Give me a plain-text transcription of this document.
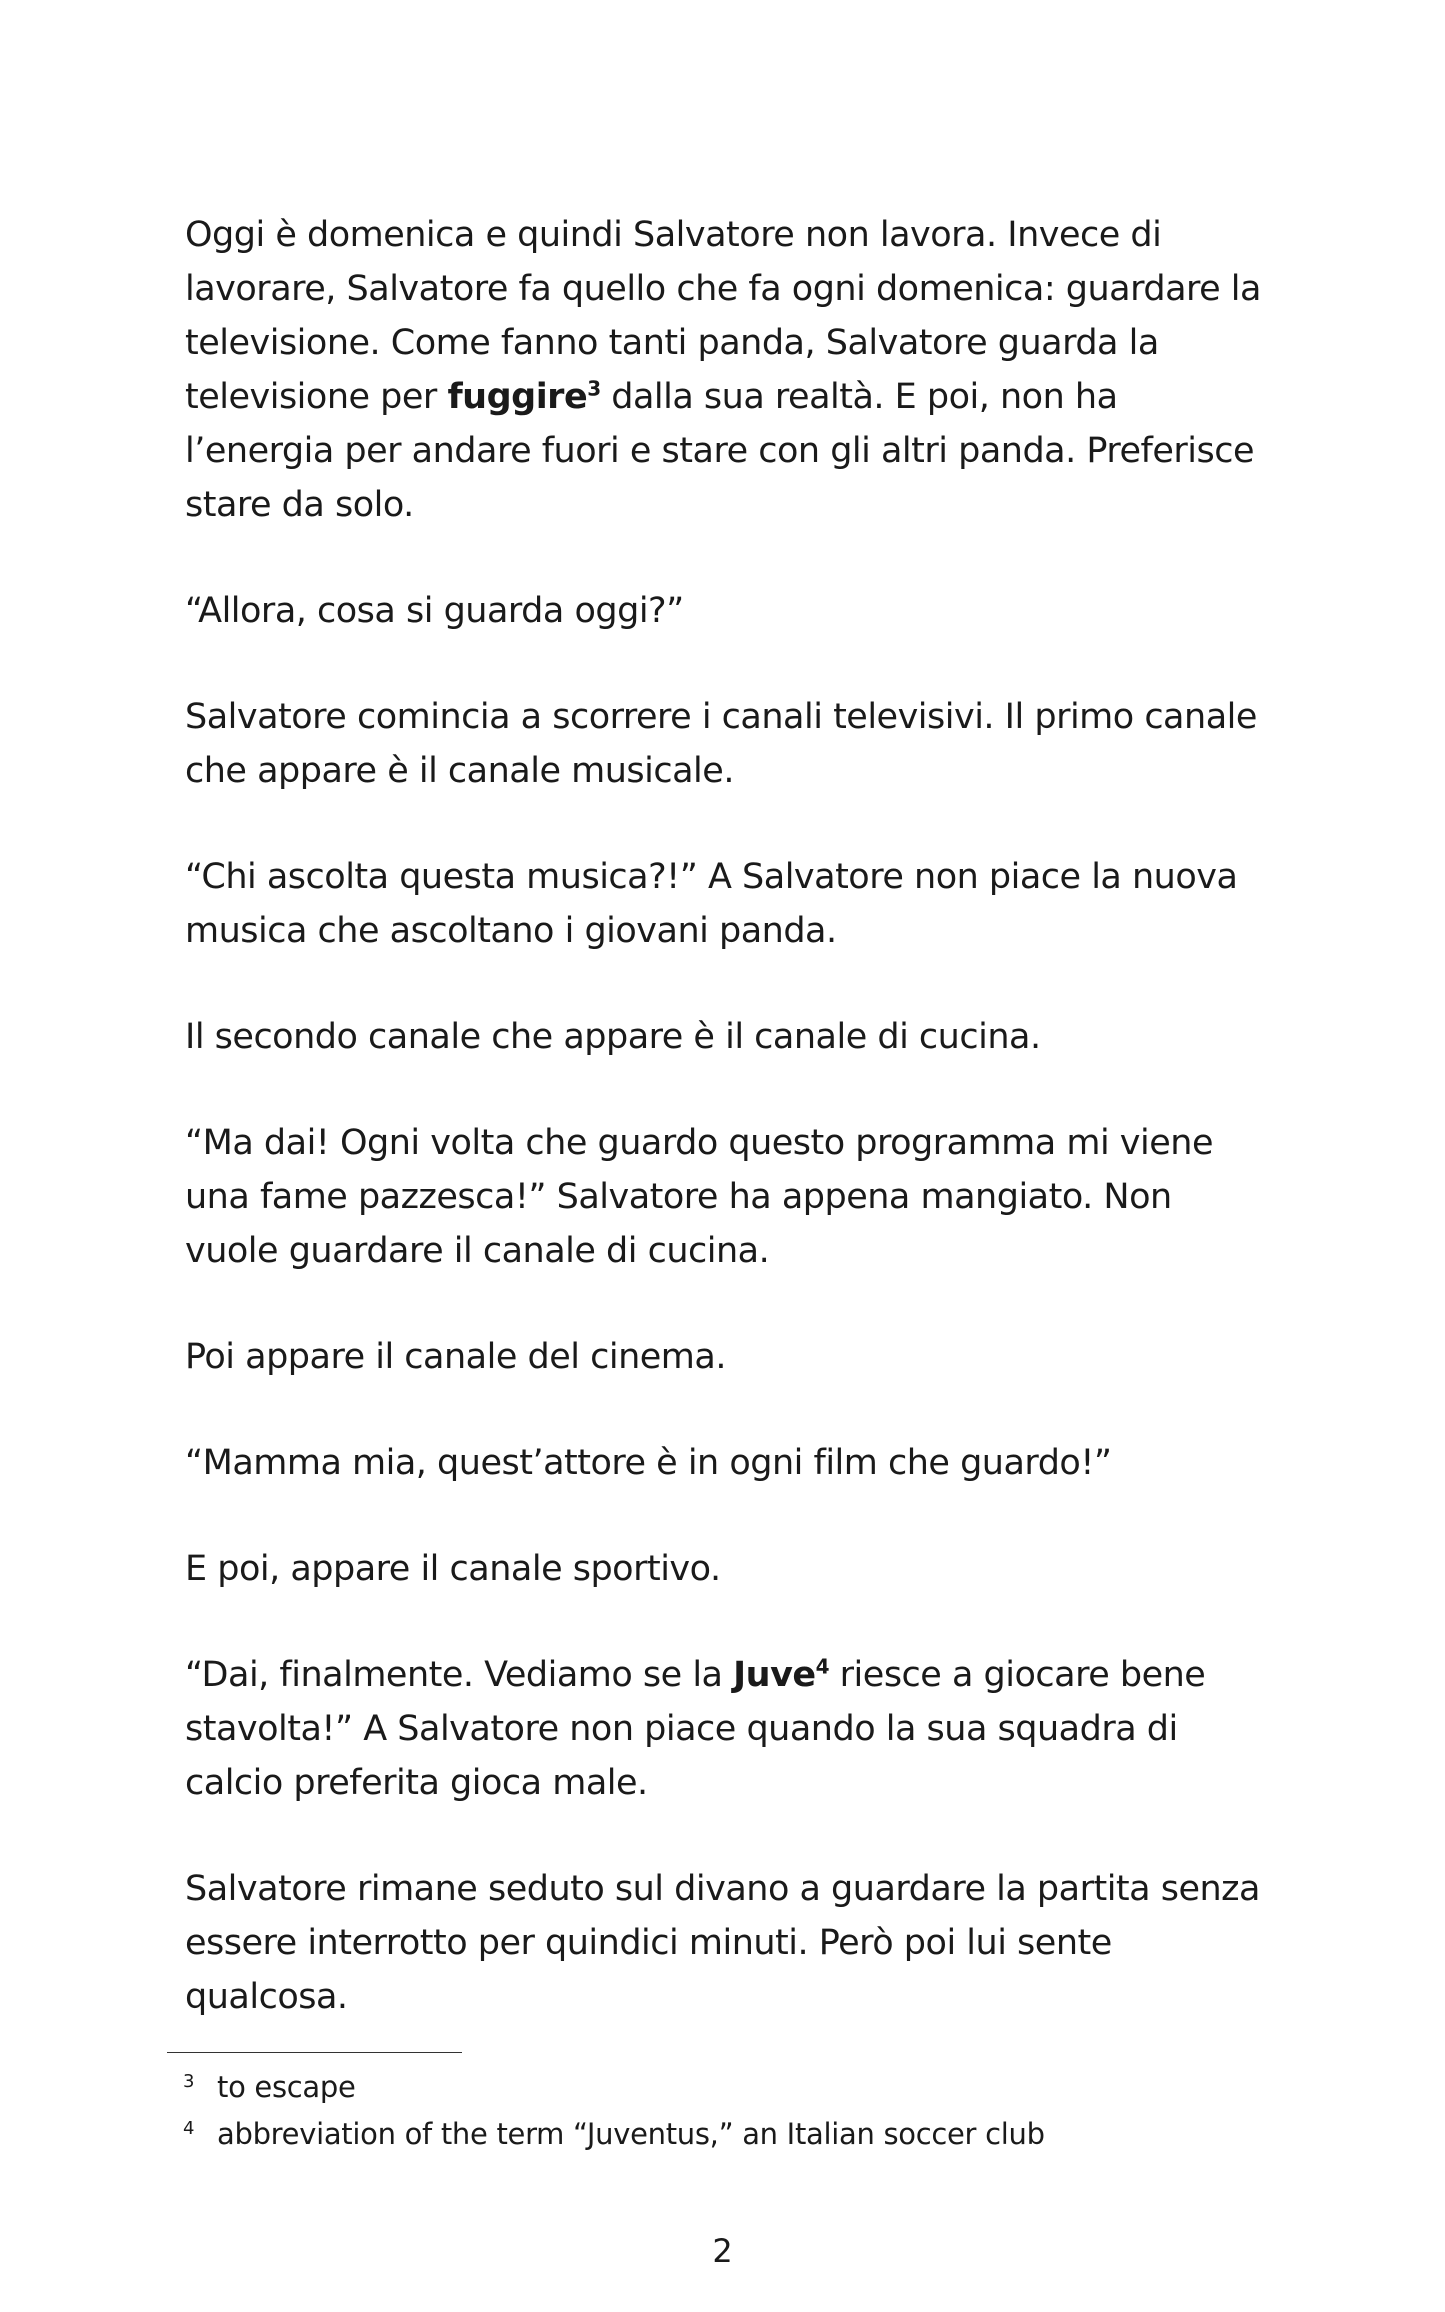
Oggi è domenica e quindi Salvatore non lavora. Invece di lavorare, Salvatore fa quello che fa ogni domenica: guardare la televisione. Come fanno tanti panda, Salvatore guarda la televisione per fuggire$^3$ dalla sua realtà. E poi, non ha l’energia per andare fuori e stare con gli altri panda. Preferisce stare da solo.

“Allora, cosa si guarda oggi?”

Salvatore comincia a scorrere i canali televisivi. Il primo canale che appare è il canale musicale.

“Chi ascolta questa musica?!” A Salvatore non piace la nuova musica che ascoltano i giovani panda.

Il secondo canale che appare è il canale di cucina.

“Ma dai! Ogni volta che guardo questo programma mi viene una fame pazzesca!” Salvatore ha appena mangiato. Non vuole guardare il canale di cucina.

Poi appare il canale del cinema.

“Mamma mia, quest’attore è in ogni film che guardo!”

E poi, appare il canale sportivo.

“Dai, finalmente. Vediamo se la Juve$^4$ riesce a giocare bene stavolta!” A Salvatore non piace quando la sua squadra di calcio preferita gioca male.

Salvatore rimane seduto sul divano a guardare la partita senza essere interrotto per quindici minuti. Però poi lui sente qualcosa.

3 to escape
4 abbreviation of the term “Juventus,” an Italian soccer club
2
